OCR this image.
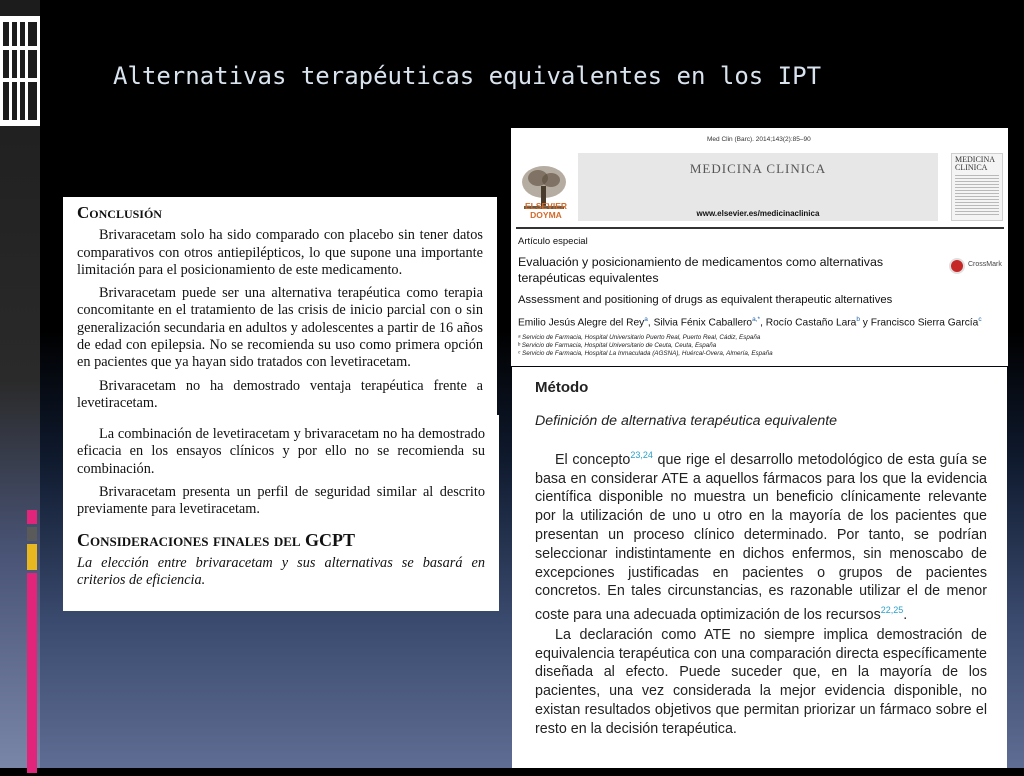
Alternativas terapéuticas equivalentes en los IPT
Conclusión

Brivaracetam solo ha sido comparado con placebo sin tener datos comparativos con otros antiepilépticos, lo que supone una importante limitación para el posicionamiento de este medicamento.

Brivaracetam puede ser una alternativa terapéutica como terapia concomitante en el tratamiento de las crisis de inicio parcial con o sin generalización secundaria en adultos y adolescentes a partir de 16 años de edad con epilepsia. No se recomienda su uso como primera opción en pacientes que ya hayan sido tratados con levetiracetam.

Brivaracetam no ha demostrado ventaja terapéutica frente a levetiracetam.

La combinación de levetiracetam y brivaracetam no ha demostrado eficacia en los ensayos clínicos y por ello no se recomienda su combinación.

Brivaracetam presenta un perfil de seguridad similar al descrito previamente para levetiracetam.

Consideraciones finales del GCPT

La elección entre brivaracetam y sus alternativas se basará en criterios de eficiencia.

Med Clin (Barc). 2014;143(2):85–90
ELSEVIER
DOYMA
MEDICINA CLINICA
www.elsevier.es/medicinaclinica
MEDICINA
CLINICA
Artículo especial
Evaluación y posicionamiento de medicamentos como alternativas terapéuticas equivalentes
CrossMark
Assessment and positioning of drugs as equivalent therapeutic alternatives
Emilio Jesús Alegre del Rey$^a$, Silvia Fénix Caballero$^{a,*}$, Rocío Castaño Lara$^b$ y Francisco Sierra García$^c$
ᵃ Servicio de Farmacia, Hospital Universitario Puerto Real, Puerto Real, Cádiz, España
ᵇ Servicio de Farmacia, Hospital Universitario de Ceuta, Ceuta, España
ᶜ Servicio de Farmacia, Hospital La Inmaculada (AGSNA), Huércal-Overa, Almería, España
Método
Definición de alternativa terapéutica equivalente

El concepto$^{23,24}$ que rige el desarrollo metodológico de esta guía se basa en considerar ATE a aquellos fármacos para los que la evidencia científica disponible no muestra un beneficio clínicamente relevante por la utilización de uno u otro en la mayoría de los pacientes que presentan un proceso clínico determinado. Por tanto, se podrían seleccionar indistintamente en dichos enfermos, sin menoscabo de excepciones justificadas en pacientes o grupos de pacientes concretos. En tales circunstancias, es razonable utilizar el de menor coste para una adecuada optimización de los recursos$^{22,25}$.

La declaración como ATE no siempre implica demostración de equivalencia terapéutica con una comparación directa específicamente diseñada al efecto. Puede suceder que, en la mayoría de los pacientes, una vez considerada la mejor evidencia disponible, no existan resultados objetivos que permitan priorizar un fármaco sobre el resto en la decisión terapéutica.
